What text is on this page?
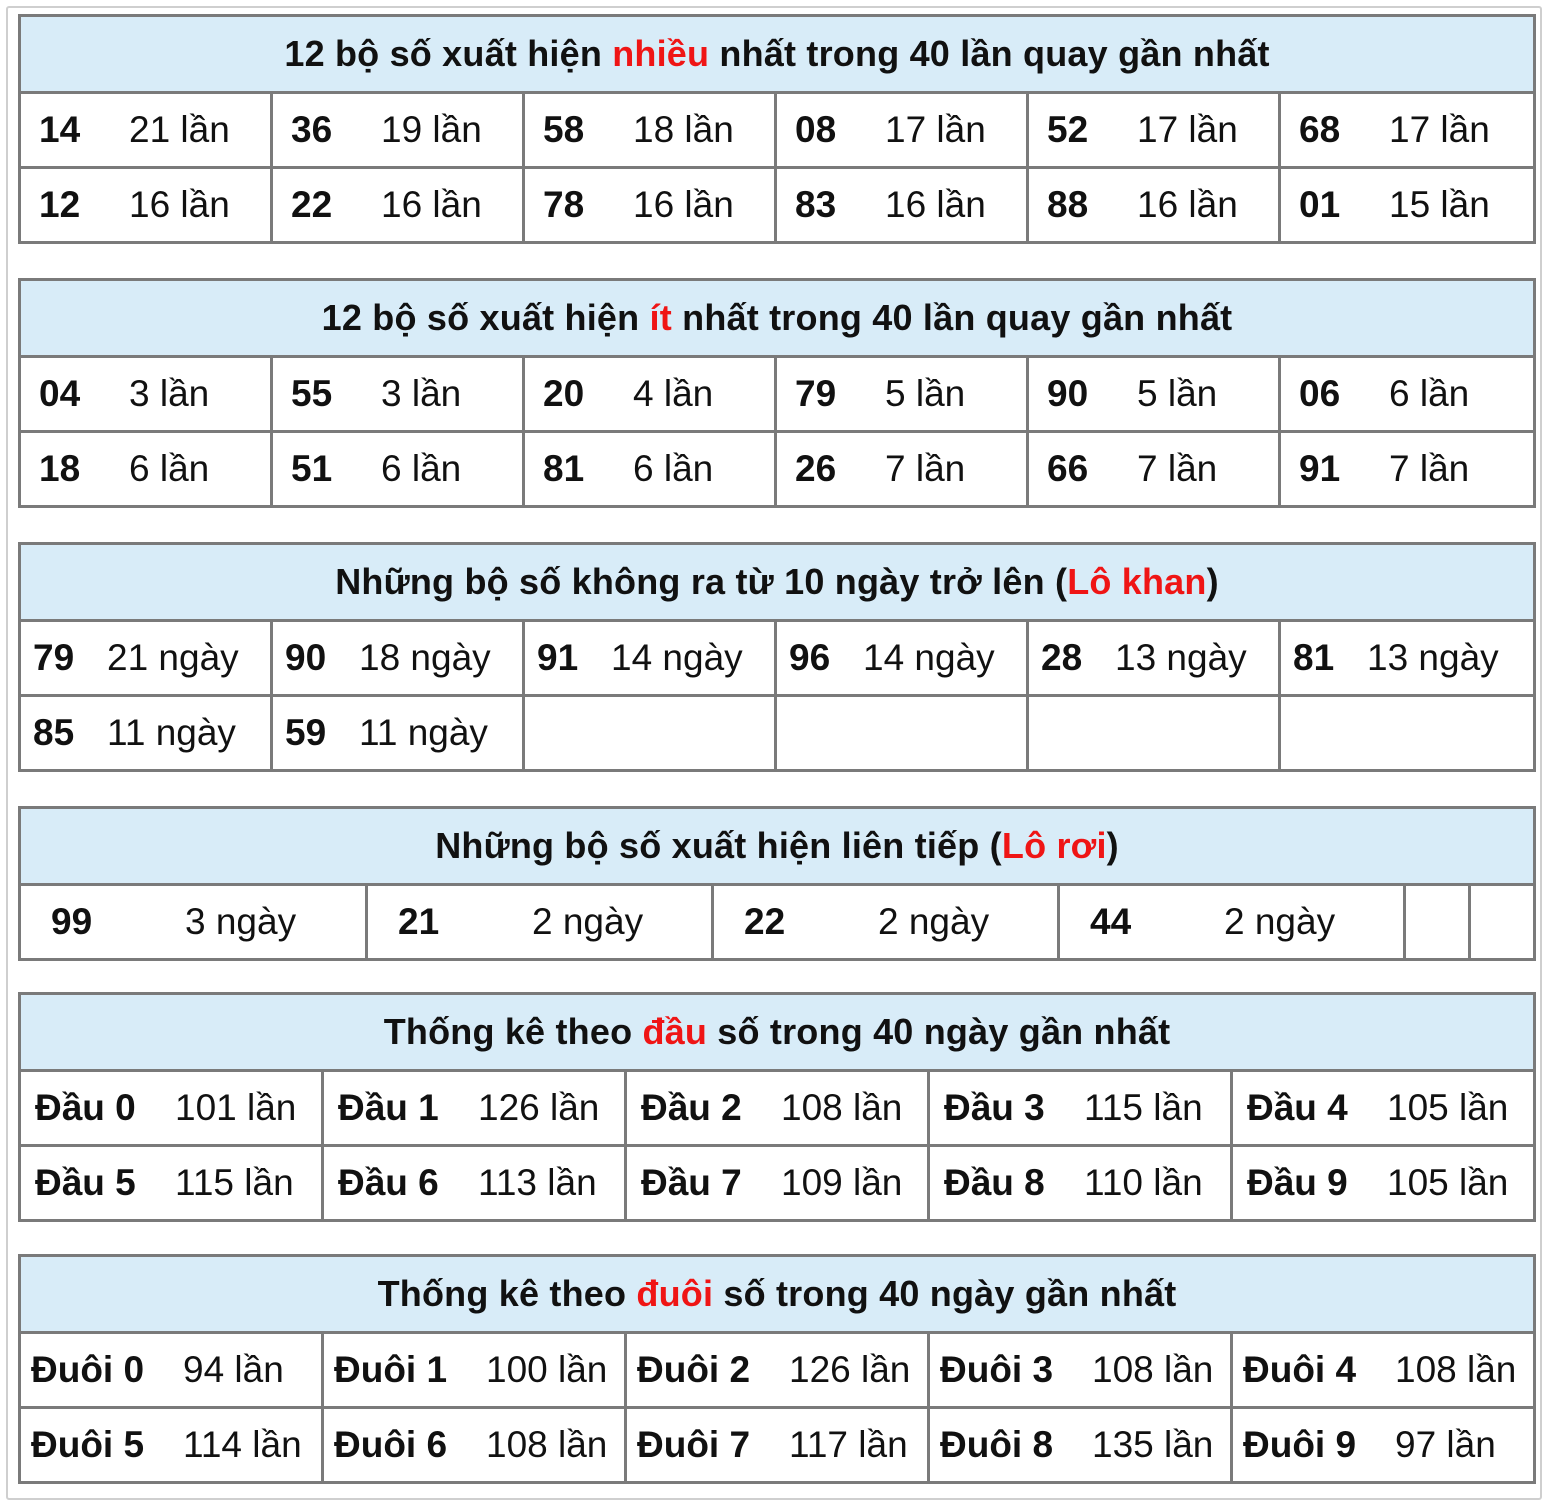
12 bộ số xuất hiện nhiều nhất trong 40 lần quay gần nhất					
14 21 lần	36 19 lần	58 18 lần	08 17 lần	52 17 lần	68 17 lần
12 16 lần	22 16 lần	78 16 lần	83 16 lần	88 16 lần	01 15 lần
12 bộ số xuất hiện ít nhất trong 40 lần quay gần nhất					
04 3 lần	55 3 lần	20 4 lần	79 5 lần	90 5 lần	06 6 lần
18 6 lần	51 6 lần	81 6 lần	26 7 lần	66 7 lần	91 7 lần
Những bộ số không ra từ 10 ngày trở lên (Lô khan)					
79 21 ngày	90 18 ngày	91 14 ngày	96 14 ngày	28 13 ngày	81 13 ngày
85 11 ngày	59 11 ngày				
Những bộ số xuất hiện liên tiếp (Lô rơi)
99	3 ngày	21	2 ngày	22	2 ngày	44	2 ngày		
Thống kê theo đầu số trong 40 ngày gần nhất				
Đầu 0 101 lần	Đầu 1 126 lần	Đầu 2 108 lần	Đầu 3 115 lần	Đầu 4 105 lần
Đầu 5 115 lần	Đầu 6 113 lần	Đầu 7 109 lần	Đầu 8 110 lần	Đầu 9 105 lần
Thống kê theo đuôi số trong 40 ngày gần nhất				
Đuôi 0 94 lần	Đuôi 1 100 lần	Đuôi 2 126 lần	Đuôi 3 108 lần	Đuôi 4 108 lần
Đuôi 5 114 lần	Đuôi 6 108 lần	Đuôi 7 117 lần	Đuôi 8 135 lần	Đuôi 9 97 lần
